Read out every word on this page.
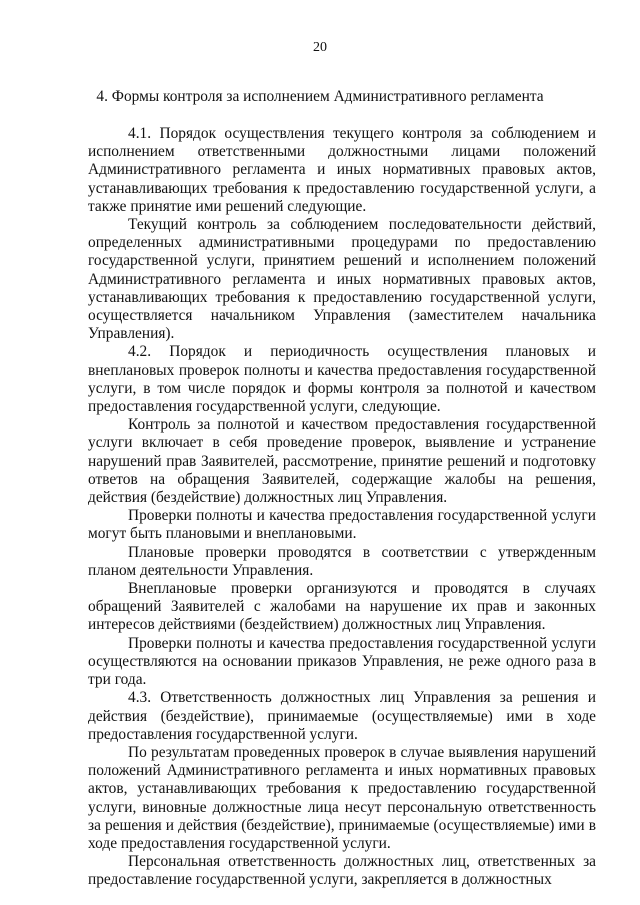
20
4. Формы контроля за исполнением Административного регламента

4.1. Порядок осуществления текущего контроля за соблюдением и исполнением ответственными должностными лицами положений Административного регламента и иных нормативных правовых актов, устанавливающих требования к предоставлению государственной услуги, а также принятие ими решений следующие.

Текущий контроль за соблюдением последовательности действий, определенных административными процедурами по предоставлению государственной услуги, принятием решений и исполнением положений Административного регламента и иных нормативных правовых актов, устанавливающих требования к предоставлению государственной услуги, осуществляется начальником Управления (заместителем начальника Управления).

4.2. Порядок и периодичность осуществления плановых и внеплановых проверок полноты и качества предоставления государственной услуги, в том числе порядок и формы контроля за полнотой и качеством предоставления государственной услуги, следующие.

Контроль за полнотой и качеством предоставления государственной услуги включает в себя проведение проверок, выявление и устранение нарушений прав Заявителей, рассмотрение, принятие решений и подготовку ответов на обращения Заявителей, содержащие жалобы на решения, действия (бездействие) должностных лиц Управления.

Проверки полноты и качества предоставления государственной услуги могут быть плановыми и внеплановыми.

Плановые проверки проводятся в соответствии с утвержденным планом деятельности Управления.

Внеплановые проверки организуются и проводятся в случаях обращений Заявителей с жалобами на нарушение их прав и законных интересов действиями (бездействием) должностных лиц Управления.

Проверки полноты и качества предоставления государственной услуги осуществляются на основании приказов Управления, не реже одного раза в три года.

4.3. Ответственность должностных лиц Управления за решения и действия (бездействие), принимаемые (осуществляемые) ими в ходе предоставления государственной услуги.

По результатам проведенных проверок в случае выявления нарушений положений Административного регламента и иных нормативных правовых актов, устанавливающих требования к предоставлению государственной услуги, виновные должностные лица несут персональную ответственность за решения и действия (бездействие), принимаемые (осуществляемые) ими в ходе предоставления государственной услуги.

Персональная ответственность должностных лиц, ответственных за предоставление государственной услуги, закрепляется в должностных
